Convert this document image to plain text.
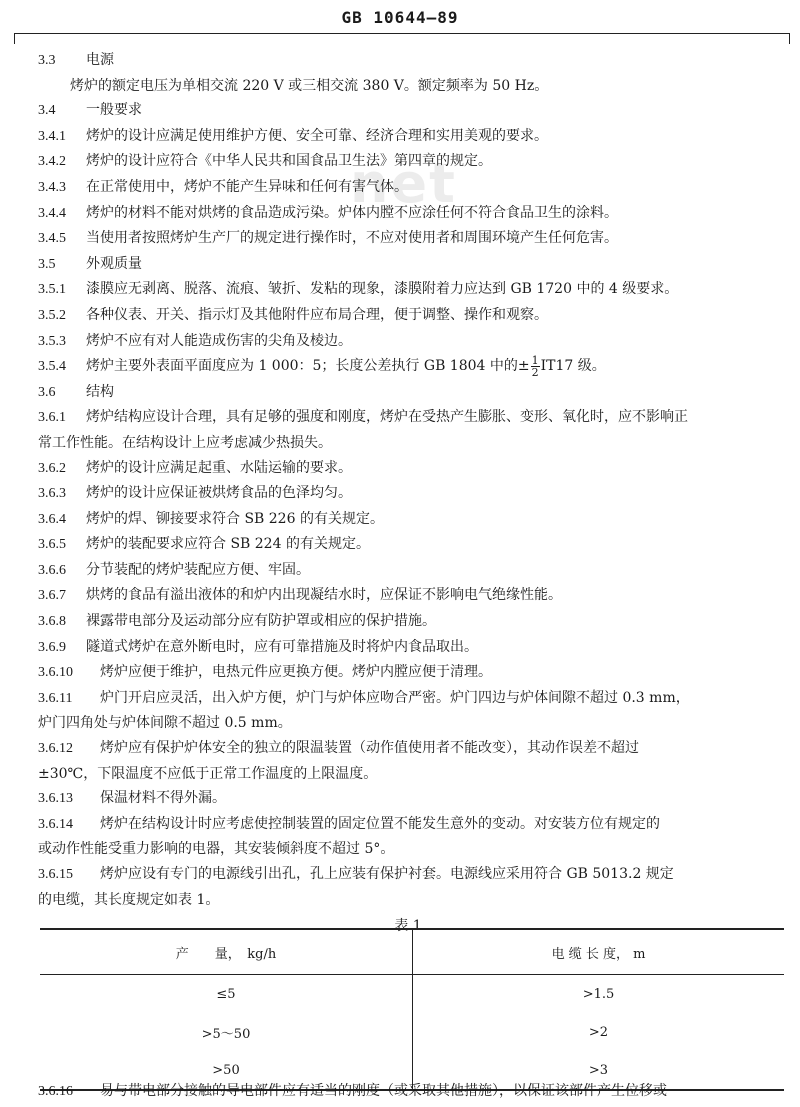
GB 10644—89
net
3.3 电源
烤炉的额定电压为单相交流 220 V 或三相交流 380 V。额定频率为 50 Hz。
3.4 一般要求
3.4.1 烤炉的设计应满足使用维护方便、安全可靠、经济合理和实用美观的要求。
3.4.2 烤炉的设计应符合《中华人民共和国食品卫生法》第四章的规定。
3.4.3 在正常使用中，烤炉不能产生异味和任何有害气体。
3.4.4 烤炉的材料不能对烘烤的食品造成污染。炉体内膛不应涂任何不符合食品卫生的涂料。
3.4.5 当使用者按照烤炉生产厂的规定进行操作时，不应对使用者和周围环境产生任何危害。
3.5 外观质量
3.5.1 漆膜应无剥离、脱落、流痕、皱折、发粘的现象，漆膜附着力应达到 GB 1720 中的 4 级要求。
3.5.2 各种仪表、开关、指示灯及其他附件应布局合理，便于调整、操作和观察。
3.5.3 烤炉不应有对人能造成伤害的尖角及棱边。
3.5.4 烤炉主要外表面平面度应为 1 000：5；长度公差执行 GB 1804 中的± $\frac{1}{2} IT17$ 级。
3.6 结构
3.6.1 烤炉结构应设计合理，具有足够的强度和刚度，烤炉在受热产生膨胀、变形、氧化时，应不影响正
常工作性能。在结构设计上应考虑减少热损失。
3.6.2 烤炉的设计应满足起重、水陆运输的要求。
3.6.3 烤炉的设计应保证被烘烤食品的色泽均匀。
3.6.4 烤炉的焊、铆接要求符合 SB 226 的有关规定。
3.6.5 烤炉的装配要求应符合 SB 224 的有关规定。
3.6.6 分节装配的烤炉装配应方便、牢固。
3.6.7 烘烤的食品有溢出液体的和炉内出现凝结水时，应保证不影响电气绝缘性能。
3.6.8 裸露带电部分及运动部分应有防护罩或相应的保护措施。
3.6.9 隧道式烤炉在意外断电时，应有可靠措施及时将炉内食品取出。
3.6.10 烤炉应便于维护，电热元件应更换方便。烤炉内膛应便于清理。
3.6.11 炉门开启应灵活，出入炉方便，炉门与炉体应吻合严密。炉门四边与炉体间隙不超过 0.3 mm，
炉门四角处与炉体间隙不超过 0.5 mm。
3.6.12 烤炉应有保护炉体安全的独立的限温装置（动作值使用者不能改变），其动作误差不超过
±30℃，下限温度不应低于正常工作温度的上限温度。
3.6.13 保温材料不得外漏。
3.6.14 烤炉在结构设计时应考虑使控制装置的固定位置不能发生意外的变动。对安装方位有规定的
或动作性能受重力影响的电器，其安装倾斜度不超过 5°。
3.6.15 烤炉应设有专门的电源线引出孔，孔上应装有保护衬套。电源线应采用符合 GB 5013.2 规定
的电缆，其长度规定如表 1。
表 1
产　　量，　kg/h	电 缆 长 度， m
≤5	>1.5
>5～50	>2
>50	>3
3.6.16 易与带电部分接触的导电部件应有适当的刚度（或采取其他措施），以保证该部件产生位移或
